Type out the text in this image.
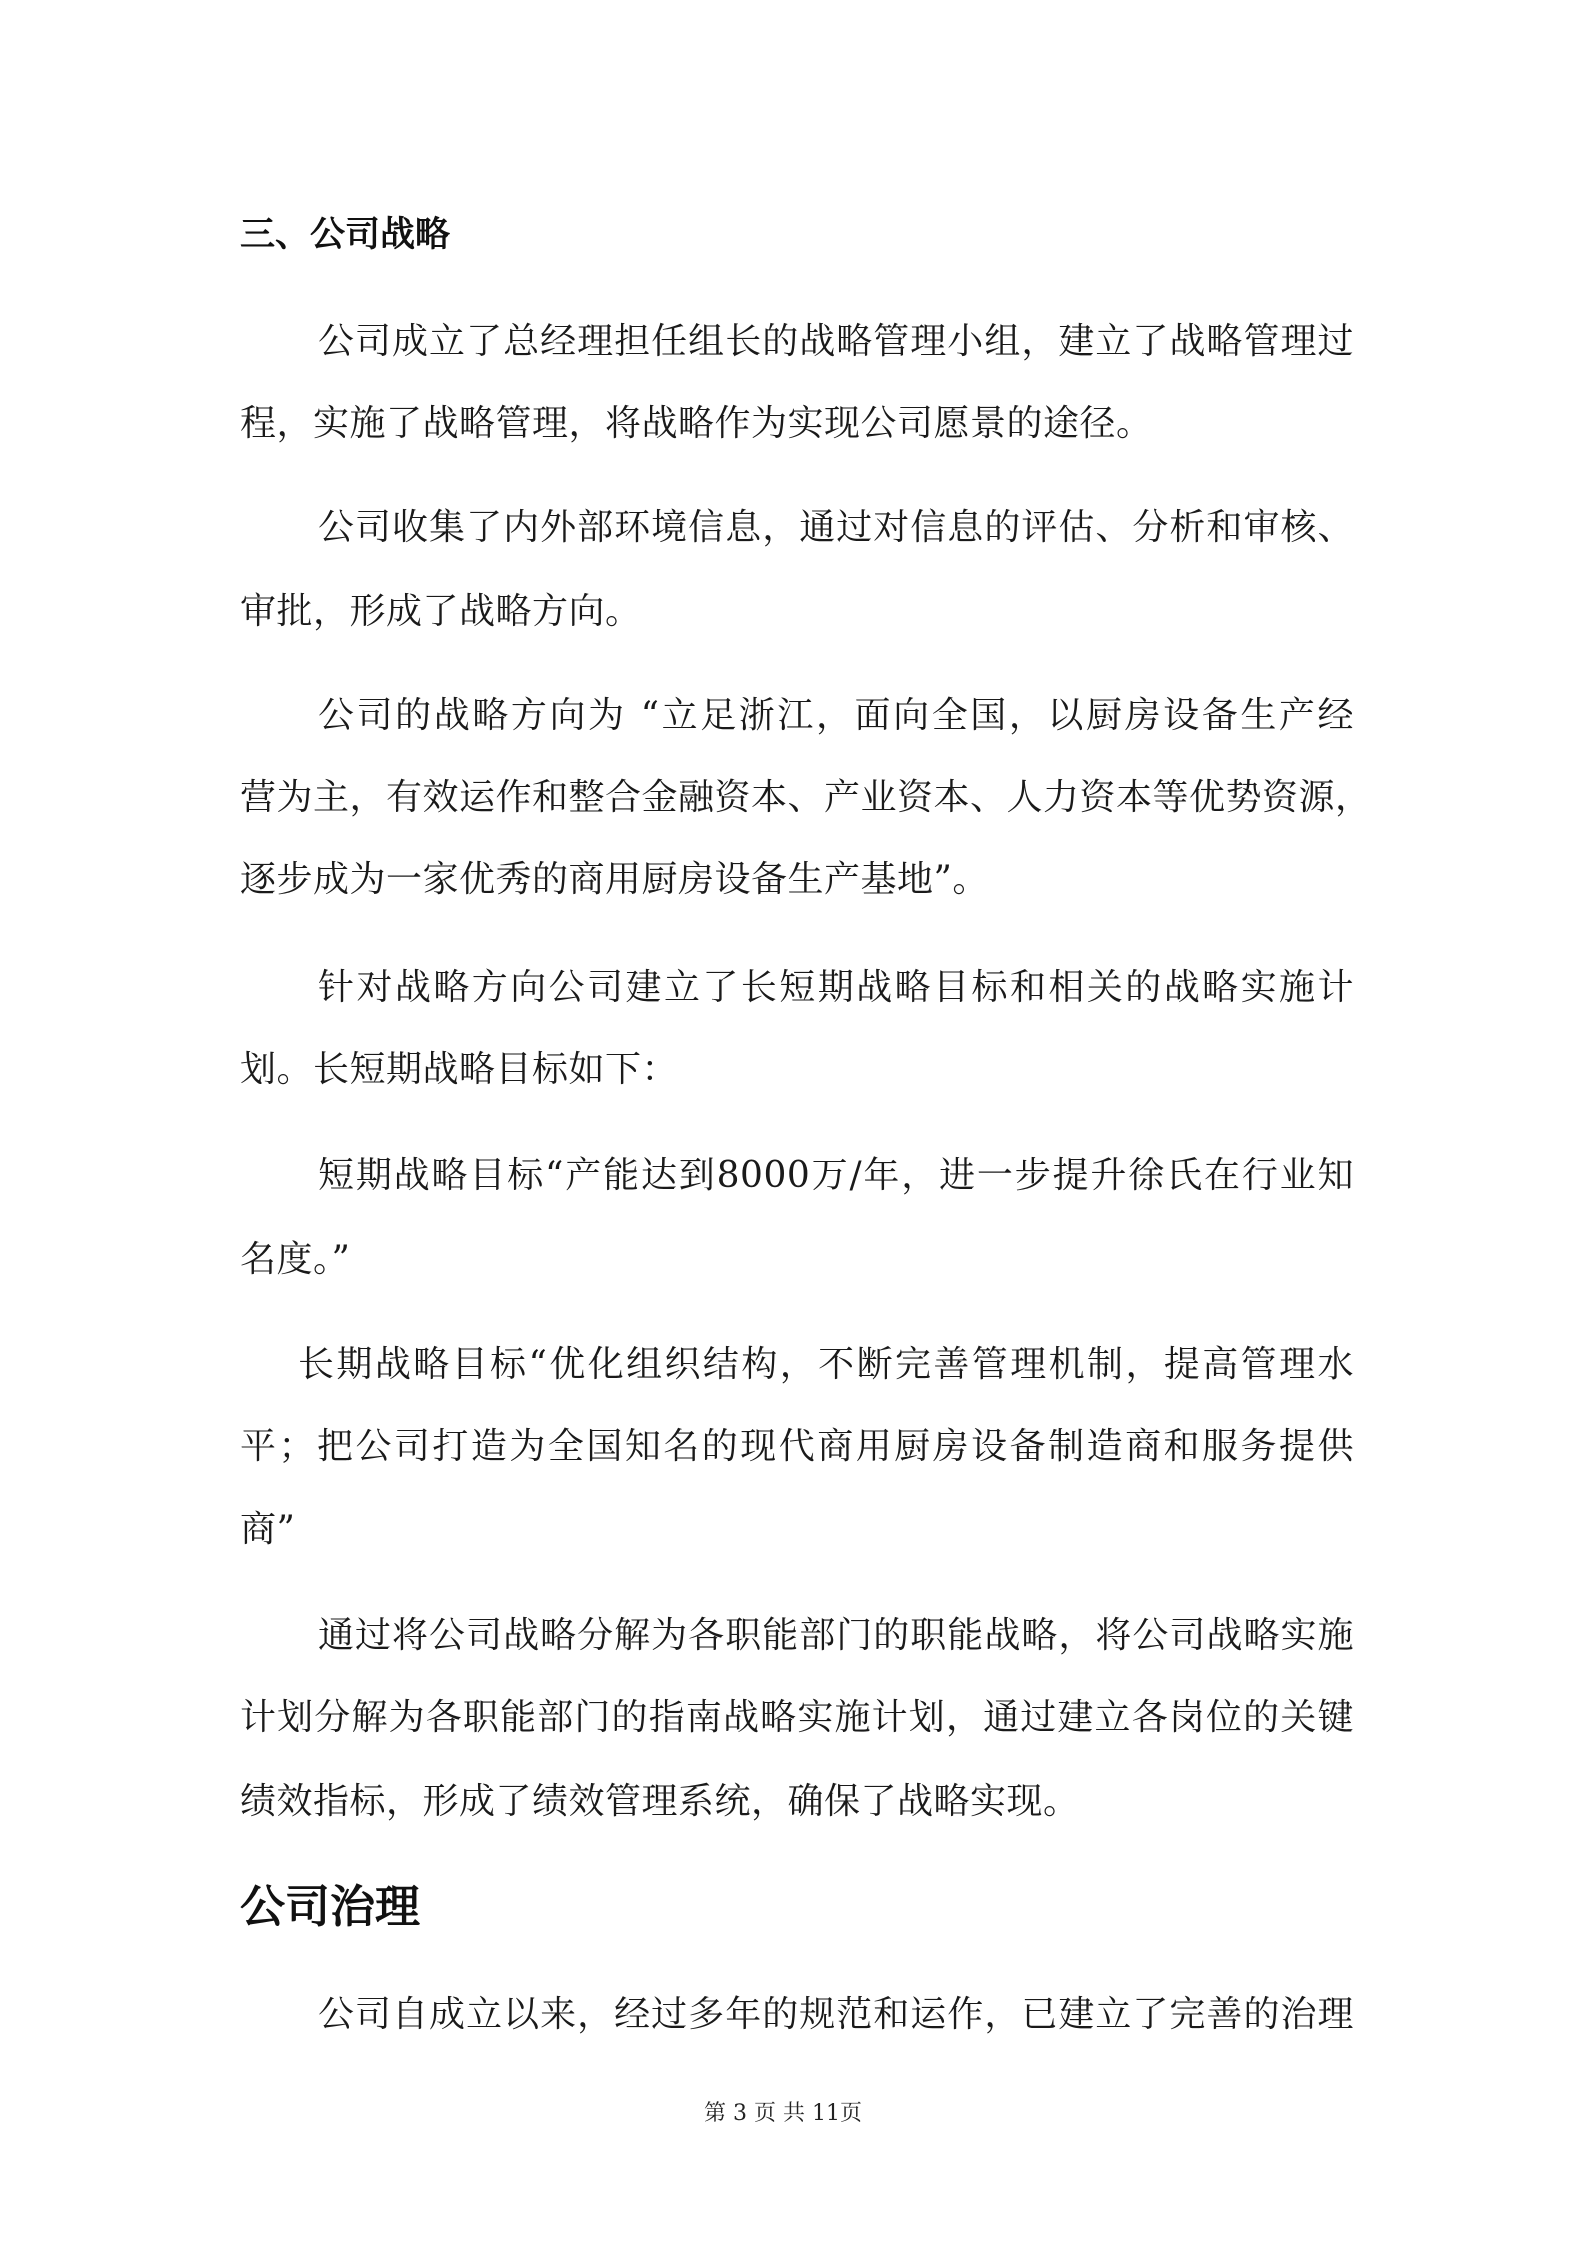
三、公司战略
公司成立了总经理担任组长的战略管理小组，建立了战略管理过
程，实施了战略管理，将战略作为实现公司愿景的途径。
公司收集了内外部环境信息，通过对信息的评估、分析和审核、
审批，形成了战略方向。
公司的战略方向为 “立足浙江，面向全国，以厨房设备生产经
营为主，有效运作和整合金融资本、产业资本、人力资本等优势资源，
逐步成为一家优秀的商用厨房设备生产基地”。
针对战略方向公司建立了长短期战略目标和相关的战略实施计
划。长短期战略目标如下：
短期战略目标“产能达到8000万/年，进一步提升徐氏在行业知
名度。”
长期战略目标“优化组织结构，不断完善管理机制，提高管理水
平；把公司打造为全国知名的现代商用厨房设备制造商和服务提供
商”
通过将公司战略分解为各职能部门的职能战略，将公司战略实施
计划分解为各职能部门的指南战略实施计划，通过建立各岗位的关键
绩效指标，形成了绩效管理系统，确保了战略实现。
公司治理
公司自成立以来，经过多年的规范和运作，已建立了完善的治理
第 3 页 共 11页
